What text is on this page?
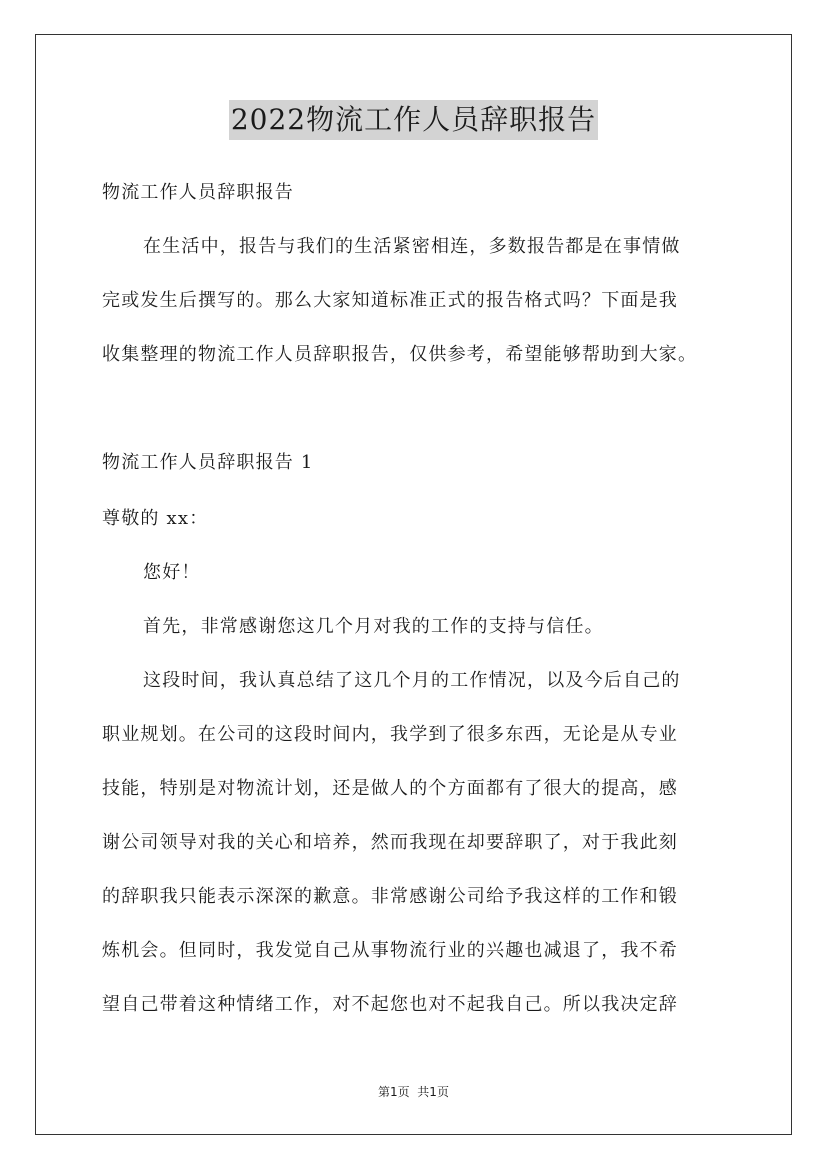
2022物流工作人员辞职报告
物流工作人员辞职报告
在生活中，报告与我们的生活紧密相连，多数报告都是在事情做
完或发生后撰写的。那么大家知道标准正式的报告格式吗？下面是我
收集整理的物流工作人员辞职报告，仅供参考，希望能够帮助到大家。
物流工作人员辞职报告 1
尊敬的 xx：
您好！
首先，非常感谢您这几个月对我的工作的支持与信任。
这段时间，我认真总结了这几个月的工作情况，以及今后自己的
职业规划。在公司的这段时间内，我学到了很多东西，无论是从专业
技能，特别是对物流计划，还是做人的个方面都有了很大的提高，感
谢公司领导对我的关心和培养，然而我现在却要辞职了，对于我此刻
的辞职我只能表示深深的歉意。非常感谢公司给予我这样的工作和锻
炼机会。但同时，我发觉自己从事物流行业的兴趣也减退了，我不希
望自己带着这种情绪工作，对不起您也对不起我自己。所以我决定辞
第1页  共1页
